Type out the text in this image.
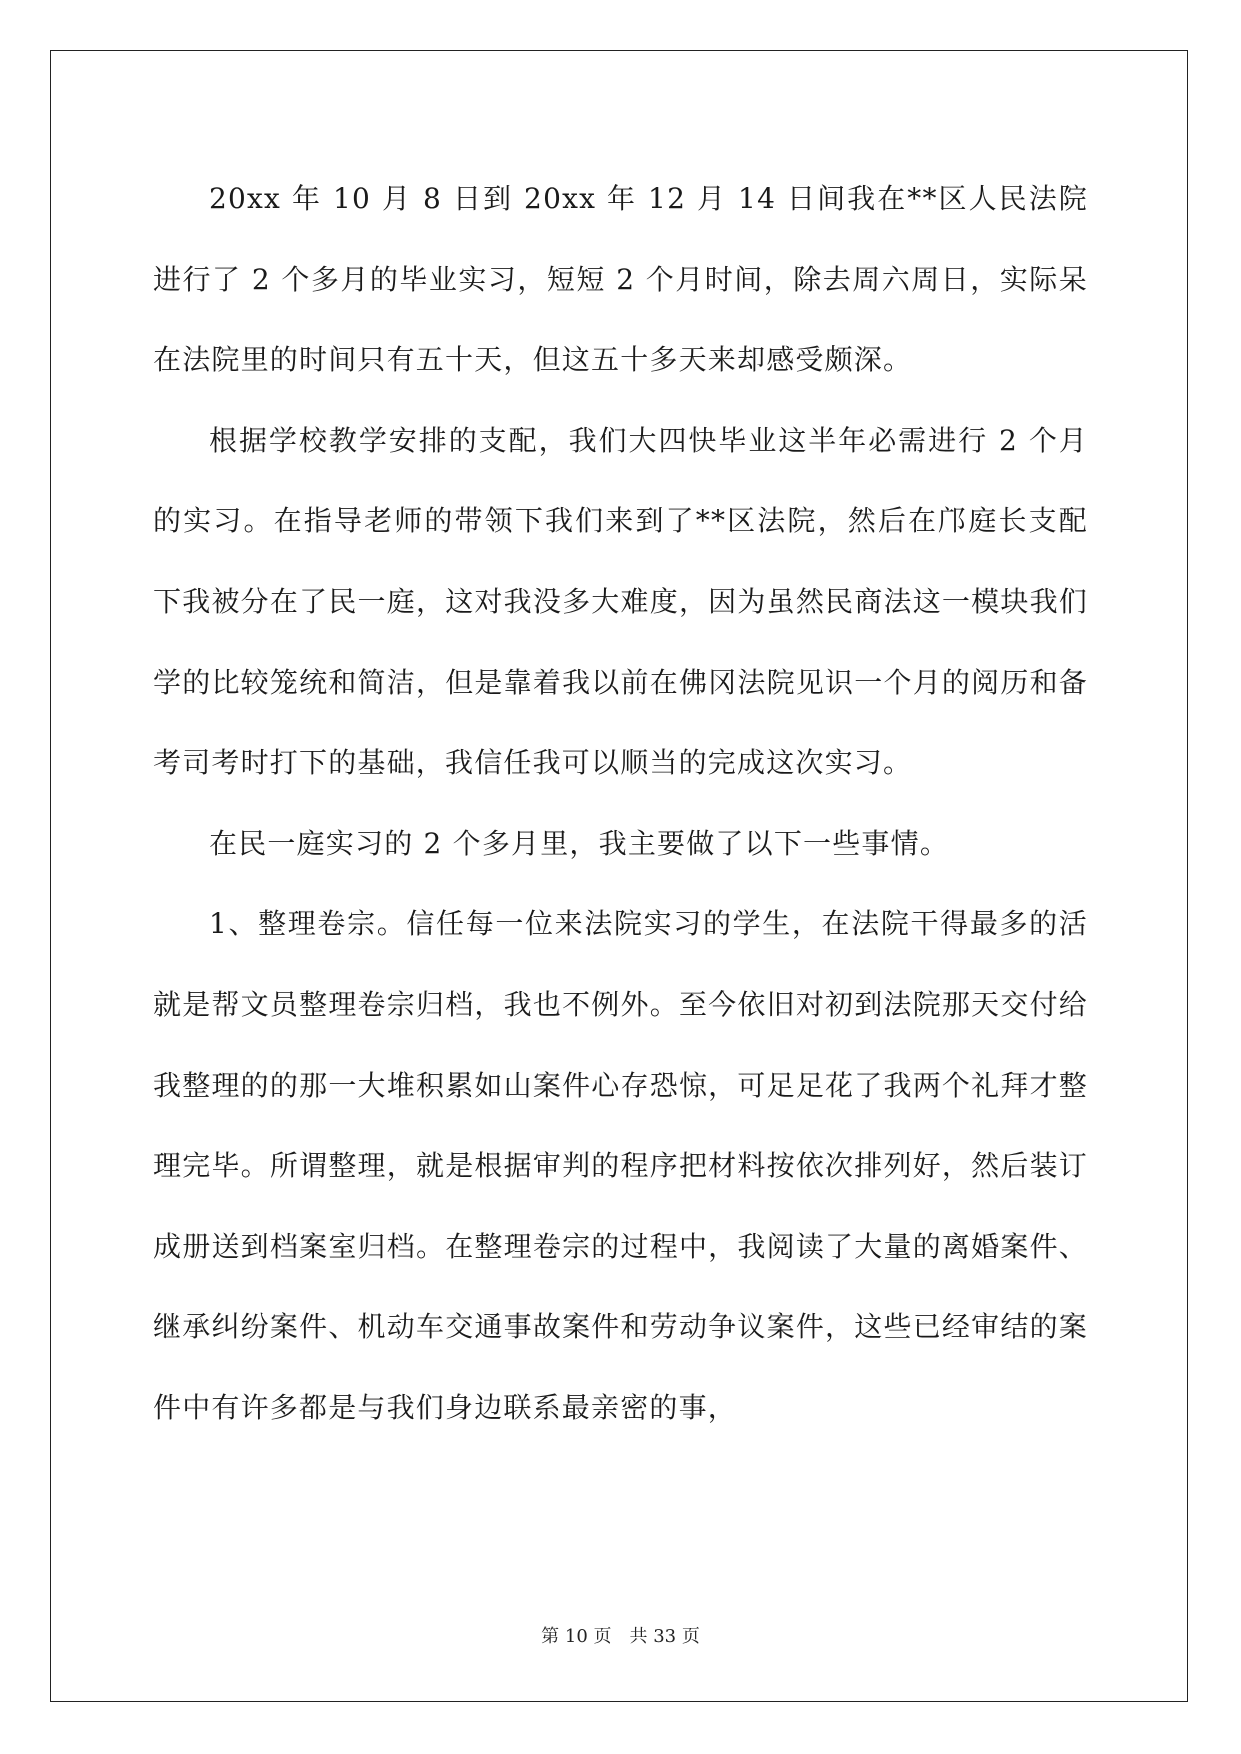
20xx 年 10 月 8 日到 20xx 年 12 月 14 日间我在**区人民法院进行了 2 个多月的毕业实习，短短 2 个月时间，除去周六周日，实际呆在法院里的时间只有五十天，但这五十多天来却感受颇深。

根据学校教学安排的支配，我们大四快毕业这半年必需进行 2 个月的实习。在指导老师的带领下我们来到了**区法院，然后在邝庭长支配下我被分在了民一庭，这对我没多大难度，因为虽然民商法这一模块我们学的比较笼统和简洁，但是靠着我以前在佛冈法院见识一个月的阅历和备考司考时打下的基础，我信任我可以顺当的完成这次实习。

在民一庭实习的 2 个多月里，我主要做了以下一些事情。

1、整理卷宗。信任每一位来法院实习的学生，在法院干得最多的活就是帮文员整理卷宗归档，我也不例外。至今依旧对初到法院那天交付给我整理的的那一大堆积累如山案件心存恐惊，可足足花了我两个礼拜才整理完毕。所谓整理，就是根据审判的程序把材料按依次排列好，然后装订成册送到档案室归档。在整理卷宗的过程中，我阅读了大量的离婚案件、继承纠纷案件、机动车交通事故案件和劳动争议案件，这些已经审结的案件中有许多都是与我们身边联系最亲密的事，

第 10 页 共 33 页
